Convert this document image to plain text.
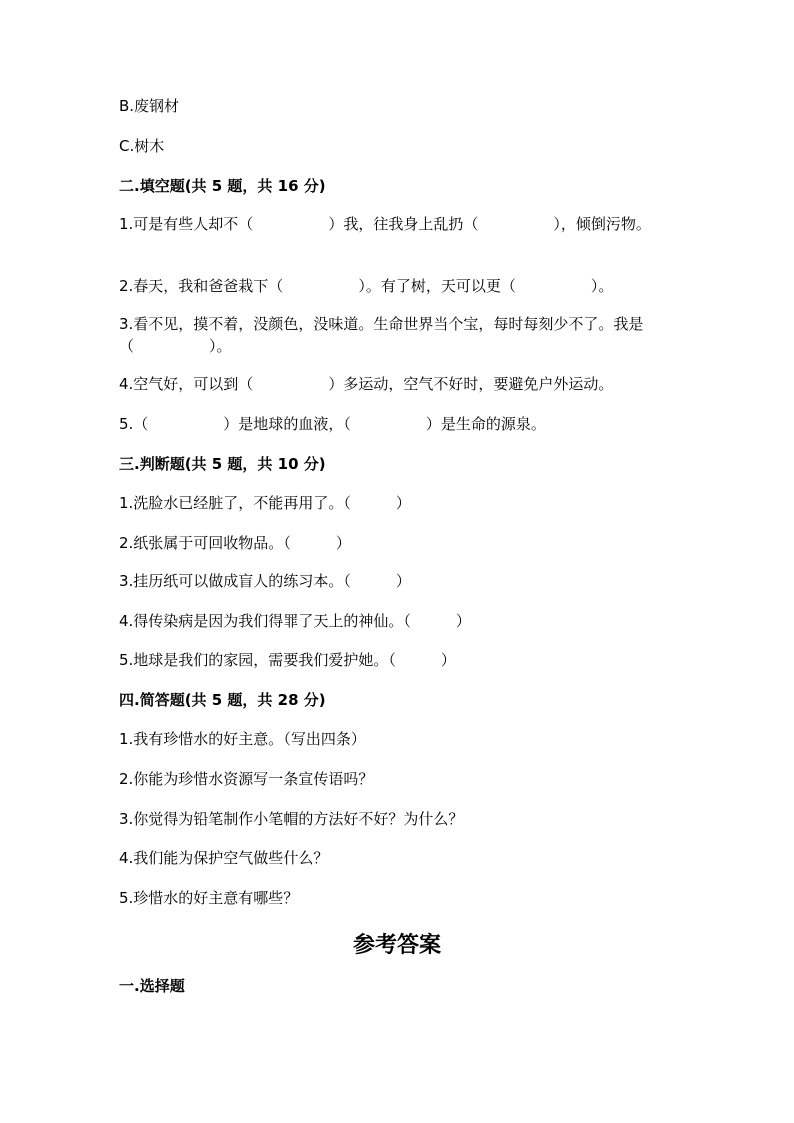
B.废钢材
C.树木
二.填空题(共 5 题，共 16 分)
1.可是有些人却不（　　　　　）我，往我身上乱扔（　　　　　），倾倒污物。
2.春天，我和爸爸栽下（　　　　　）。有了树，天可以更（　　　　　）。
3.看不见，摸不着，没颜色，没味道。生命世界当个宝，每时每刻少不了。我是（　　　　　）。
4.空气好，可以到（　　　　　）多运动，空气不好时，要避免户外运动。
5.（　　　　　）是地球的血液，（　　　　　）是生命的源泉。
三.判断题(共 5 题，共 10 分)
1.洗脸水已经脏了，不能再用了。（　　　）
2.纸张属于可回收物品。（　　　）
3.挂历纸可以做成盲人的练习本。（　　　）
4.得传染病是因为我们得罪了天上的神仙。（　　　）
5.地球是我们的家园，需要我们爱护她。（　　　）
四.简答题(共 5 题，共 28 分)
1.我有珍惜水的好主意。（写出四条）
2.你能为珍惜水资源写一条宣传语吗？
3.你觉得为铅笔制作小笔帽的方法好不好？为什么？
4.我们能为保护空气做些什么？
5.珍惜水的好主意有哪些？
参考答案
一.选择题
